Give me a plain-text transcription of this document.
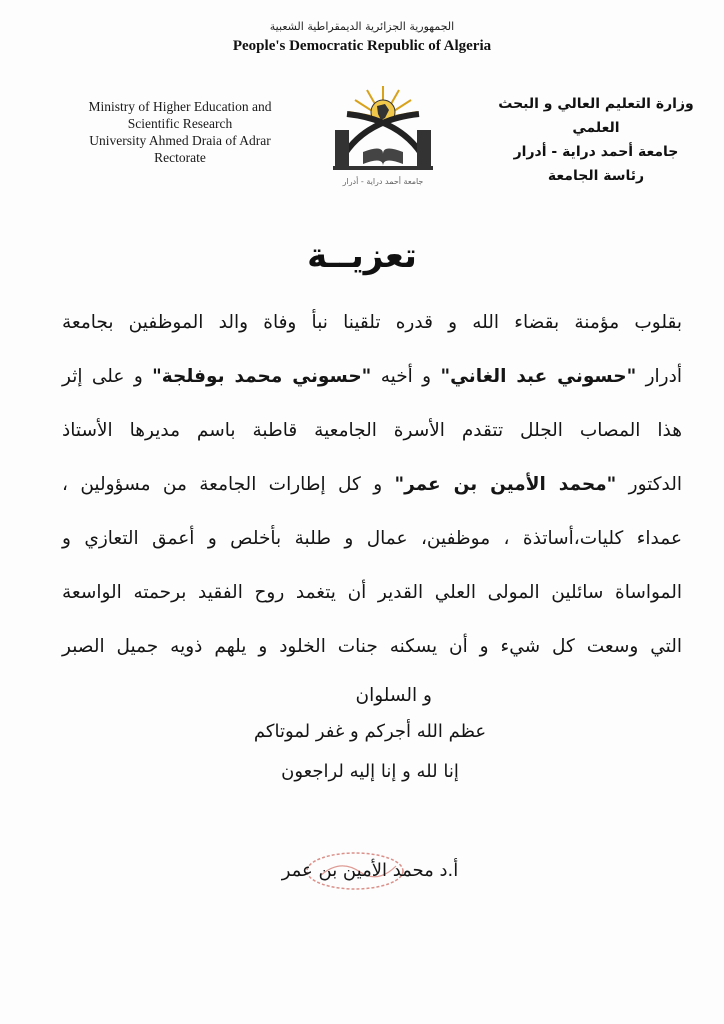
الجمهورية الجزائرية الديمقراطية الشعبية
People's Democratic Republic of Algeria
Ministry of Higher Education and
Scientific Research
University Ahmed Draia of Adrar
Rectorate
جامعة أحمد دراية - أدرار
وزارة التعليم العالي و البحث العلمي
جامعة أحمد دراية - أدرار
رئاسة الجامعة
تعزيــة
بقلوب مؤمنة بقضاء الله و قدره تلقينا نبأ وفاة والد الموظفين بجامعة
أدرار "حسوني عبد الغاني" و أخيه "حسوني محمد بوفلجة" و على إثر
هذا المصاب الجلل تتقدم الأسرة الجامعية قاطبة باسم مديرها الأستاذ
الدكتور "محمد الأمين بن عمر" و كل إطارات الجامعة من مسؤولين ،
عمداء كليات،أساتذة ، موظفين، عمال و طلبة بأخلص و أعمق التعازي و
المواساة سائلين المولى العلي القدير أن يتغمد روح الفقيد برحمته الواسعة
التي وسعت كل شيء و أن يسكنه جنات الخلود و يلهم ذويه جميل الصبر
و السلوان
عظم الله أجركم و غفر لموتاكم
إنا لله و إنا إليه لراجعون
أ.د محمد الأمين بن عمر
